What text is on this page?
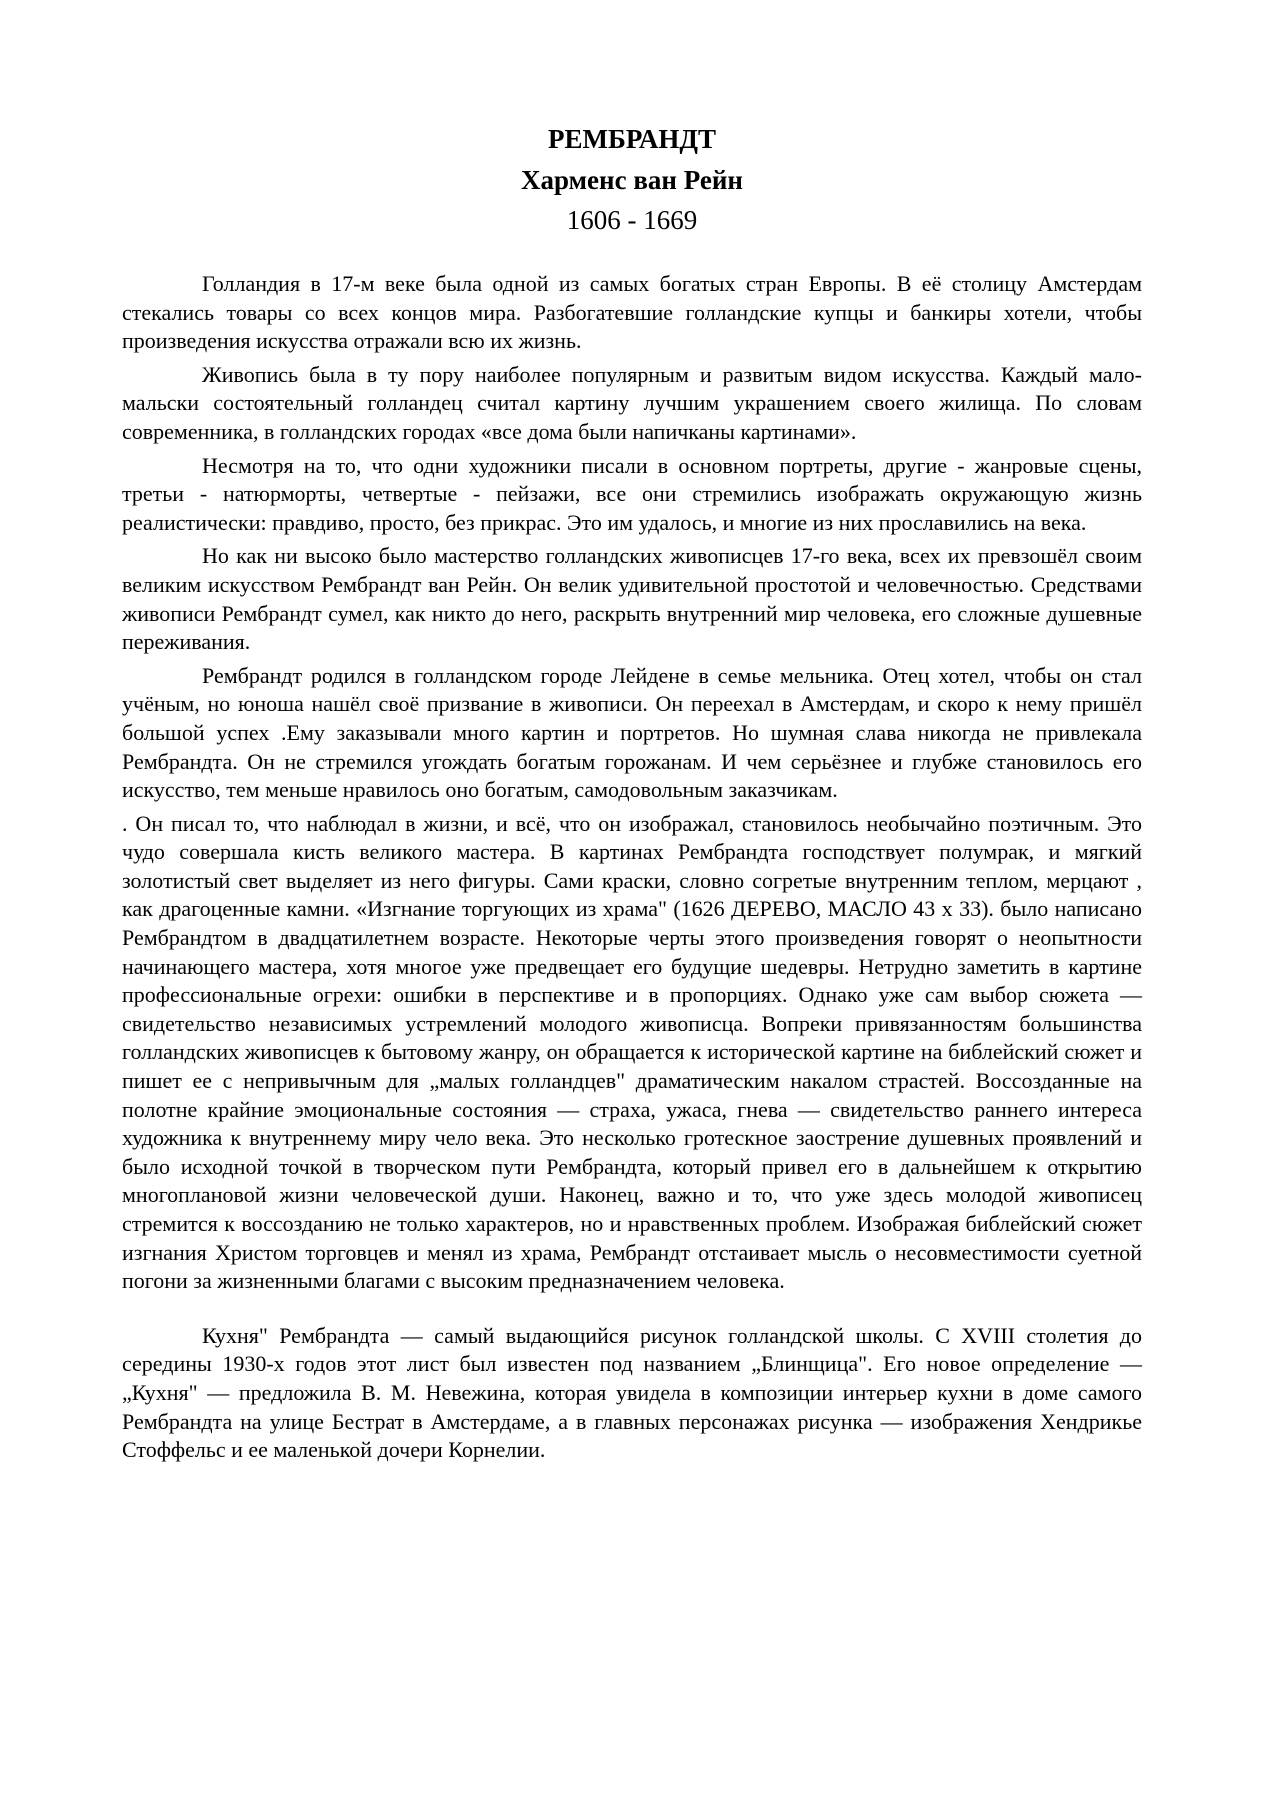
РЕМБРАНДТ
Харменс ван Рейн
1606 - 1669

Голландия в 17-м веке была одной из самых богатых стран Европы. В её столицу Амстердам стекались товары со всех концов мира. Разбогатевшие голландские купцы и банкиры хотели, чтобы произведения искусства отражали всю их жизнь.

Живопись была в ту пору наиболее популярным и развитым видом искусства. Каждый мало-мальски состоятельный голландец считал картину лучшим украшением своего жилища. По словам современника, в голландских городах «все дома были напичканы картинами».

Несмотря на то, что одни художники писали в основном портреты, другие - жанровые сцены, третьи - натюрморты, четвертые - пейзажи, все они стремились изображать окружающую жизнь реалистически: правдиво, просто, без прикрас. Это им удалось, и многие из них прославились на века.

Но как ни высоко было мастерство голландских живописцев 17-го века, всех их превзошёл своим великим искусством Рембрандт ван Рейн. Он велик удивительной простотой и человечностью. Средствами живописи Рембрандт сумел, как никто до него, раскрыть внутренний мир человека, его сложные душевные переживания.

Рембрандт родился в голландском городе Лейдене в семье мельника. Отец хотел, чтобы он стал учёным, но юноша нашёл своё призвание в живописи. Он переехал в Амстердам, и скоро к нему пришёл большой успех .Ему заказывали много картин и портретов. Но шумная слава никогда не привлекала Рембрандта. Он не стремился угождать богатым горожанам. И чем серьёзнее и глубже становилось его искусство, тем меньше нравилось оно богатым, самодовольным заказчикам.

. Он писал то, что наблюдал в жизни, и всё, что он изображал, становилось необычайно поэтичным. Это чудо совершала кисть великого мастера. В картинах Рембрандта господствует полумрак, и мягкий золотистый свет выделяет из него фигуры. Сами краски, словно согретые внутренним теплом, мерцают , как драгоценные камни. «Изгнание торгующих из храма" (1626 ДЕРЕВО, МАСЛО 43 х 33). было написано Рембрандтом в двадцатилетнем возрасте. Некоторые черты этого произведения говорят о неопытности начинающего мастера, хотя многое уже предвещает его будущие шедевры. Нетрудно заметить в картине профессиональные огрехи: ошибки в перспективе и в пропорциях. Однако уже сам выбор сюжета — свидетельство независимых устремлений молодого живописца. Вопреки привязанностям большинства голландских живописцев к бытовому жанру, он обращается к исторической картине на библейский сюжет и пишет ее с непривычным для „малых голландцев" драматическим накалом страстей. Воссозданные на полотне крайние эмоциональные состояния — страха, ужаса, гнева — свидетельство раннего интереса художника к внутреннему миру чело века. Это несколько гротескное заострение душевных проявлений и было исходной точкой в творческом пути Рембрандта, который привел его в дальнейшем к открытию многоплановой жизни человеческой души. Наконец, важно и то, что уже здесь молодой живописец стремится к воссозданию не только характеров, но и нравственных проблем. Изображая библейский сюжет изгнания Христом торговцев и менял из храма, Рембрандт отстаивает мысль о несовместимости суетной погони за жизненными благами с высоким предназначением человека.

Кухня" Рембрандта — самый выдающийся рисунок голландской школы. С XVIII столетия до середины 1930-х годов этот лист был известен под названием „Блинщица". Его новое определение — „Кухня" — предложила В. М. Невежина, которая увидела в композиции интерьер кухни в доме самого Рембрандта на улице Бестрат в Амстердаме, а в главных персонажах рисунка — изображения Хендрикье Стоффельс и ее маленькой дочери Корнелии.
